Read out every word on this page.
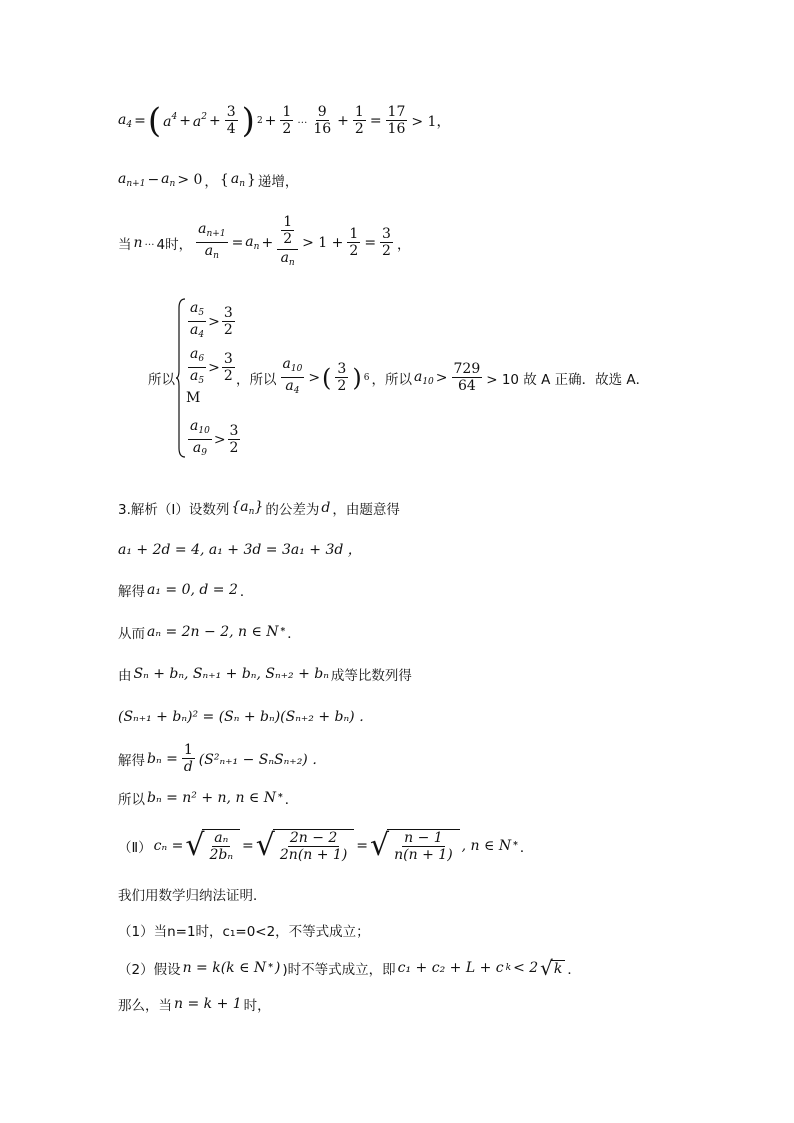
$a_4$ = ( $a^4 + a^2 + \frac{3}{4}$ ) $2 + \frac{1}{2}$ … $\frac{9}{16} + \frac{1}{2} = \frac{17}{16} > 1$，
$a_{n+1} - a_n > 0$ ， { $a_n$ } 递增，
当 n … 4时， $\frac{a_{n+1}}{a_n} = a_n + \frac{\frac{1}{2}}{a_n} > 1 + \frac{1}{2} = \frac{3}{2}$ ，
所以
$\frac{a_5}{a_4} > \frac{3}{2}$
$\frac{a_6}{a_5} > \frac{3}{2}$
M
$\frac{a_{10}}{a_9} > \frac{3}{2}$
，所以 $\frac{a_{10}}{a_4}$ > ( $\frac{3}{2}$ ) 6 ，所以 $a_{10} > \frac{729}{64} > 10$ 故 A 正确．故选 A．
3.解析（Ⅰ）设数列 $\{a_n\}$ 的公差为 d ，由题意得
a₁ + 2d = 4, a₁ + 3d = 3a₁ + 3d ，
解得 a₁ = 0, d = 2 ．
从而 aₙ = 2n − 2, n ∈ N * ．
由 Sₙ + bₙ, Sₙ₊₁ + bₙ, Sₙ₊₂ + bₙ 成等比数列得
(Sₙ₊₁ + bₙ)² = (Sₙ + bₙ)(Sₙ₊₂ + bₙ) ．
解得 $b_n = \frac{1}{d} (S^2_{n+1} - S_nS_{n+2})$ ．
所以 bₙ = n² + n, n ∈ N * ．
（Ⅱ） cₙ = √ $\frac{\text{aₙ}}{\text{2bₙ}}$ = √ $\frac{2n - 2}{2n(n + 1)}$ = √ $\frac{n - 1}{n(n + 1)}$ , n ∈ N * ．
我们用数学归纳法证明．
（1）当n=1时，c₁=0<2，不等式成立；
（2）假设 n = k(k ∈ N * ) )时不等式成立，即 c₁ + c₂ + L + c k < 2 √ k ．
那么，当 n = k + 1 时，
